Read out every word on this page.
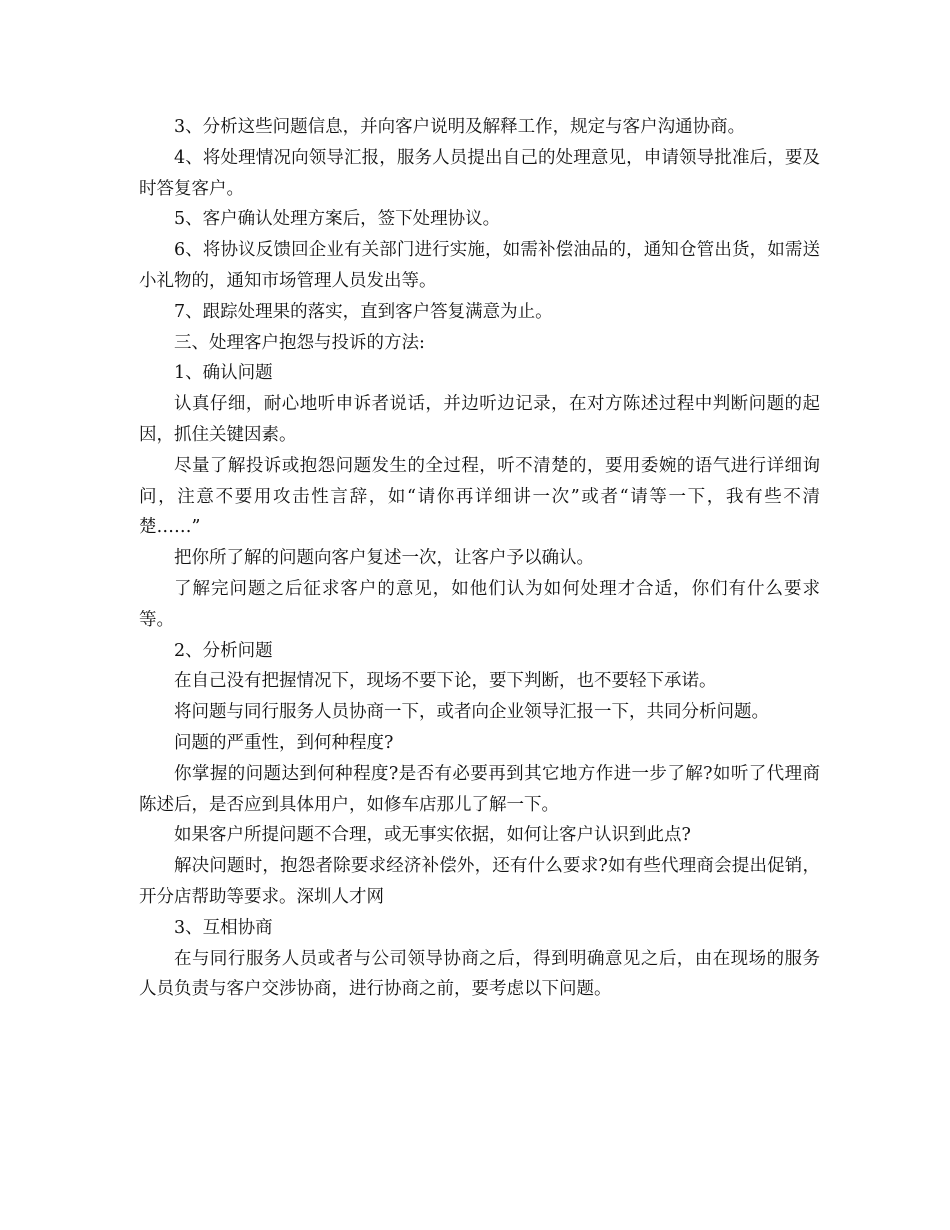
3、分析这些问题信息，并向客户说明及解释工作，规定与客户沟通协商。

4、将处理情况向领导汇报，服务人员提出自己的处理意见，申请领导批准后，要及时答复客户。

5、客户确认处理方案后，签下处理协议。

6、将协议反馈回企业有关部门进行实施，如需补偿油品的，通知仓管出货，如需送小礼物的，通知市场管理人员发出等。

7、跟踪处理果的落实，直到客户答复满意为止。

三、处理客户抱怨与投诉的方法:

1、确认问题

认真仔细，耐心地听申诉者说话，并边听边记录，在对方陈述过程中判断问题的起因，抓住关键因素。

尽量了解投诉或抱怨问题发生的全过程，听不清楚的，要用委婉的语气进行详细询问，注意不要用攻击性言辞，如“请你再详细讲一次”或者“请等一下，我有些不清楚……”

把你所了解的问题向客户复述一次，让客户予以确认。

了解完问题之后征求客户的意见，如他们认为如何处理才合适，你们有什么要求等。

2、分析问题

在自己没有把握情况下，现场不要下论，要下判断，也不要轻下承诺。

将问题与同行服务人员协商一下，或者向企业领导汇报一下，共同分析问题。

问题的严重性，到何种程度?

你掌握的问题达到何种程度?是否有必要再到其它地方作进一步了解?如听了代理商陈述后，是否应到具体用户，如修车店那儿了解一下。

如果客户所提问题不合理，或无事实依据，如何让客户认识到此点?

解决问题时，抱怨者除要求经济补偿外，还有什么要求?如有些代理商会提出促销，开分店帮助等要求。深圳人才网

3、互相协商

在与同行服务人员或者与公司领导协商之后，得到明确意见之后，由在现场的服务人员负责与客户交涉协商，进行协商之前，要考虑以下问题。
